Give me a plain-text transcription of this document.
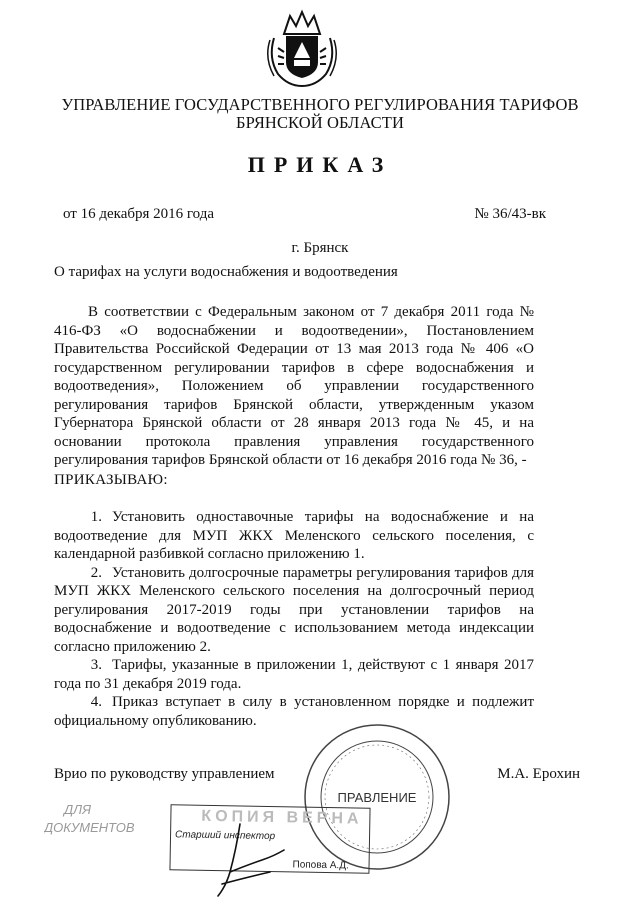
УПРАВЛЕНИЕ ГОСУДАРСТВЕННОГО РЕГУЛИРОВАНИЯ ТАРИФОВ
БРЯНСКОЙ ОБЛАСТИ
ПРИКАЗ
от 16 декабря 2016 года	№ 36/43-вк
г. Брянск
О тарифах на услуги водоснабжения и водоотведения

В соответствии с Федеральным законом от 7 декабря 2011 года № 416-ФЗ «О водоснабжении и водоотведении», Постановлением Правительства Российской Федерации от 13 мая 2013 года № 406 «О государственном регулировании тарифов в сфере водоснабжения и водоотведения», Положением об управлении государственного регулирования тарифов Брянской области, утвержденным указом Губернатора Брянской области от 28 января 2013 года № 45, и на основании протокола правления управления государственного регулирования тарифов Брянской области от 16 декабря 2016 года № 36, -

ПРИКАЗЫВАЮ:
1. Установить одноставочные тарифы на водоснабжение и на водоотведение для МУП ЖКХ Меленского сельского поселения, с календарной разбивкой согласно приложению 1.
2. Установить долгосрочные параметры регулирования тарифов для МУП ЖКХ Меленского сельского поселения на долгосрочный период регулирования 2017-2019 годы при установлении тарифов на водоснабжение и водоотведение с использованием метода индексации согласно приложению 2.
3. Тарифы, указанные в приложении 1, действуют с 1 января 2017 года по 31 декабря 2019 года.
4. Приказ вступает в силу в установленном порядке и подлежит официальному опубликованию.
ДЛЯ
ДОКУМЕНТОВ
ПРАВЛЕНИЕ
Врио по руководству управлением	М.А. Ерохин
КОПИЯ ВЕРНА
Старший инспектор
Попова А.Д.
